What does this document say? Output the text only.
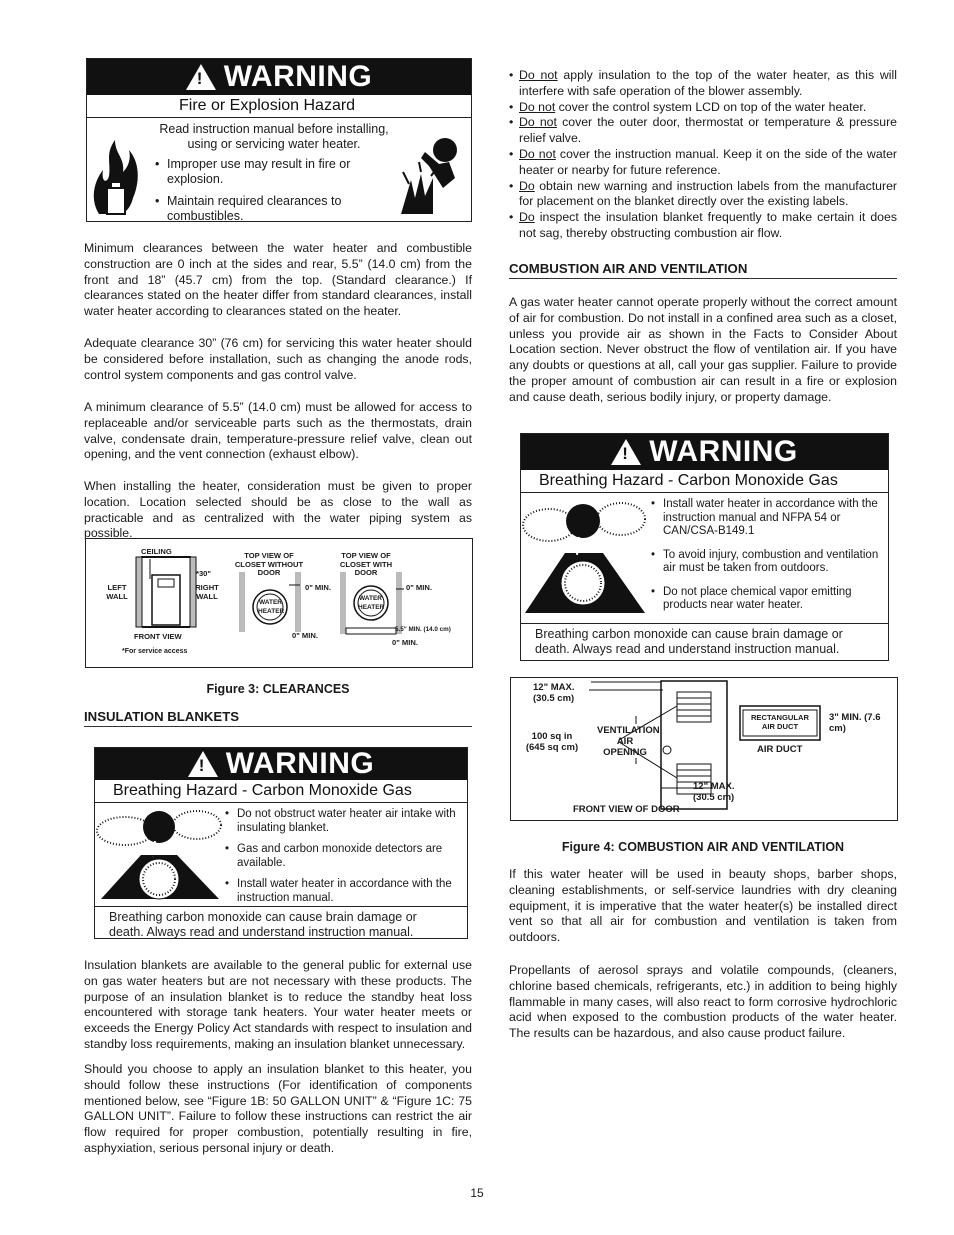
! WARNING
Fire or Explosion Hazard
Read instruction manual before installing, using or servicing water heater.
• Improper use may result in fire or explosion.
• Maintain required clearances to combustibles.

Minimum clearances between the water heater and combustible construction are 0 inch at the sides and rear, 5.5” (14.0 cm) from the front and 18” (45.7 cm) from the top. (Standard clearance.) If clearances stated on the heater differ from standard clearances, install water heater according to clearances stated on the heater.

Adequate clearance 30” (76 cm) for servicing this water heater should be considered before installation, such as changing the anode rods, control system components and gas control valve.

A minimum clearance of 5.5” (14.0 cm) must be allowed for access to replaceable and/or serviceable parts such as the thermostats, drain valve, condensate drain, temperature-pressure relief valve, clean out opening, and the vent connection (exhaust elbow).

When installing the heater, consideration must be given to proper location. Location selected should be as close to the wall as practicable and as centralized with the water piping system as possible.

CEILING
*30"
LEFT WALL
RIGHT WALL
FRONT VIEW
*For service access
TOP VIEW OF CLOSET WITHOUT DOOR
TOP VIEW OF CLOSET WITH DOOR
0" MIN.	0" MIN.
0" MIN.
0" MIN.
WATER HEATER
WATER HEATER
5.5" MIN. (14.0 cm)
Figure 3: CLEARANCES
INSULATION BLANKETS
! WARNING
Breathing Hazard - Carbon Monoxide Gas
• Do not obstruct water heater air intake with insulating blanket.
• Gas and carbon monoxide detectors are available.
• Install water heater in accordance with the instruction manual.
Breathing carbon monoxide can cause brain damage or death. Always read and understand instruction manual.

Insulation blankets are available to the general public for external use on gas water heaters but are not necessary with these products. The purpose of an insulation blanket is to reduce the standby heat loss encountered with storage tank heaters. Your water heater meets or exceeds the Energy Policy Act standards with respect to insulation and standby loss requirements, making an insulation blanket unnecessary.

Should you choose to apply an insulation blanket to this heater, you should follow these instructions (For identification of components mentioned below, see “Figure 1B: 50 GALLON UNIT” & “Figure 1C: 75 GALLON UNIT”. Failure to follow these instructions can restrict the air flow required for proper combustion, potentially resulting in fire, asphyxiation, serious personal injury or death.

• Do not apply insulation to the top of the water heater, as this will interfere with safe operation of the blower assembly.
• Do not cover the control system LCD on top of the water heater.
• Do not cover the outer door, thermostat or temperature & pressure relief valve.
• Do not cover the instruction manual. Keep it on the side of the water heater or nearby for future reference.
• Do obtain new warning and instruction labels from the manufacturer for placement on the blanket directly over the existing labels.
• Do inspect the insulation blanket frequently to make certain it does not sag, thereby obstructing combustion air flow.
COMBUSTION AIR AND VENTILATION

A gas water heater cannot operate properly without the correct amount of air for combustion. Do not install in a confined area such as a closet, unless you provide air as shown in the Facts to Consider About Location section. Never obstruct the flow of ventilation air. If you have any doubts or questions at all, call your gas supplier. Failure to provide the proper amount of combustion air can result in a fire or explosion and cause death, serious bodily injury, or property damage.

! WARNING
Breathing Hazard - Carbon Monoxide Gas
• Install water heater in accordance with the instruction manual and NFPA 54 or CAN/CSA-B149.1
• To avoid injury, combustion and ventilation air must be taken from outdoors.
• Do not place chemical vapor emitting products near water heater.
Breathing carbon monoxide can cause brain damage or death. Always read and understand instruction manual.
12" MAX. (30.5 cm)
100 sq in (645 sq cm)
VENTILATION AIR OPENING
12" MAX. (30.5 cm)
FRONT VIEW OF DOOR
RECTANGULAR AIR DUCT
3" MIN. (7.6 cm)
AIR DUCT
Figure 4: COMBUSTION AIR AND VENTILATION

If this water heater will be used in beauty shops, barber shops, cleaning establishments, or self-service laundries with dry cleaning equipment, it is imperative that the water heater(s) be installed direct vent so that all air for combustion and ventilation is taken from outdoors.

Propellants of aerosol sprays and volatile compounds, (cleaners, chlorine based chemicals, refrigerants, etc.) in addition to being highly flammable in many cases, will also react to form corrosive hydrochloric acid when exposed to the combustion products of the water heater. The results can be hazardous, and also cause product failure.

15
